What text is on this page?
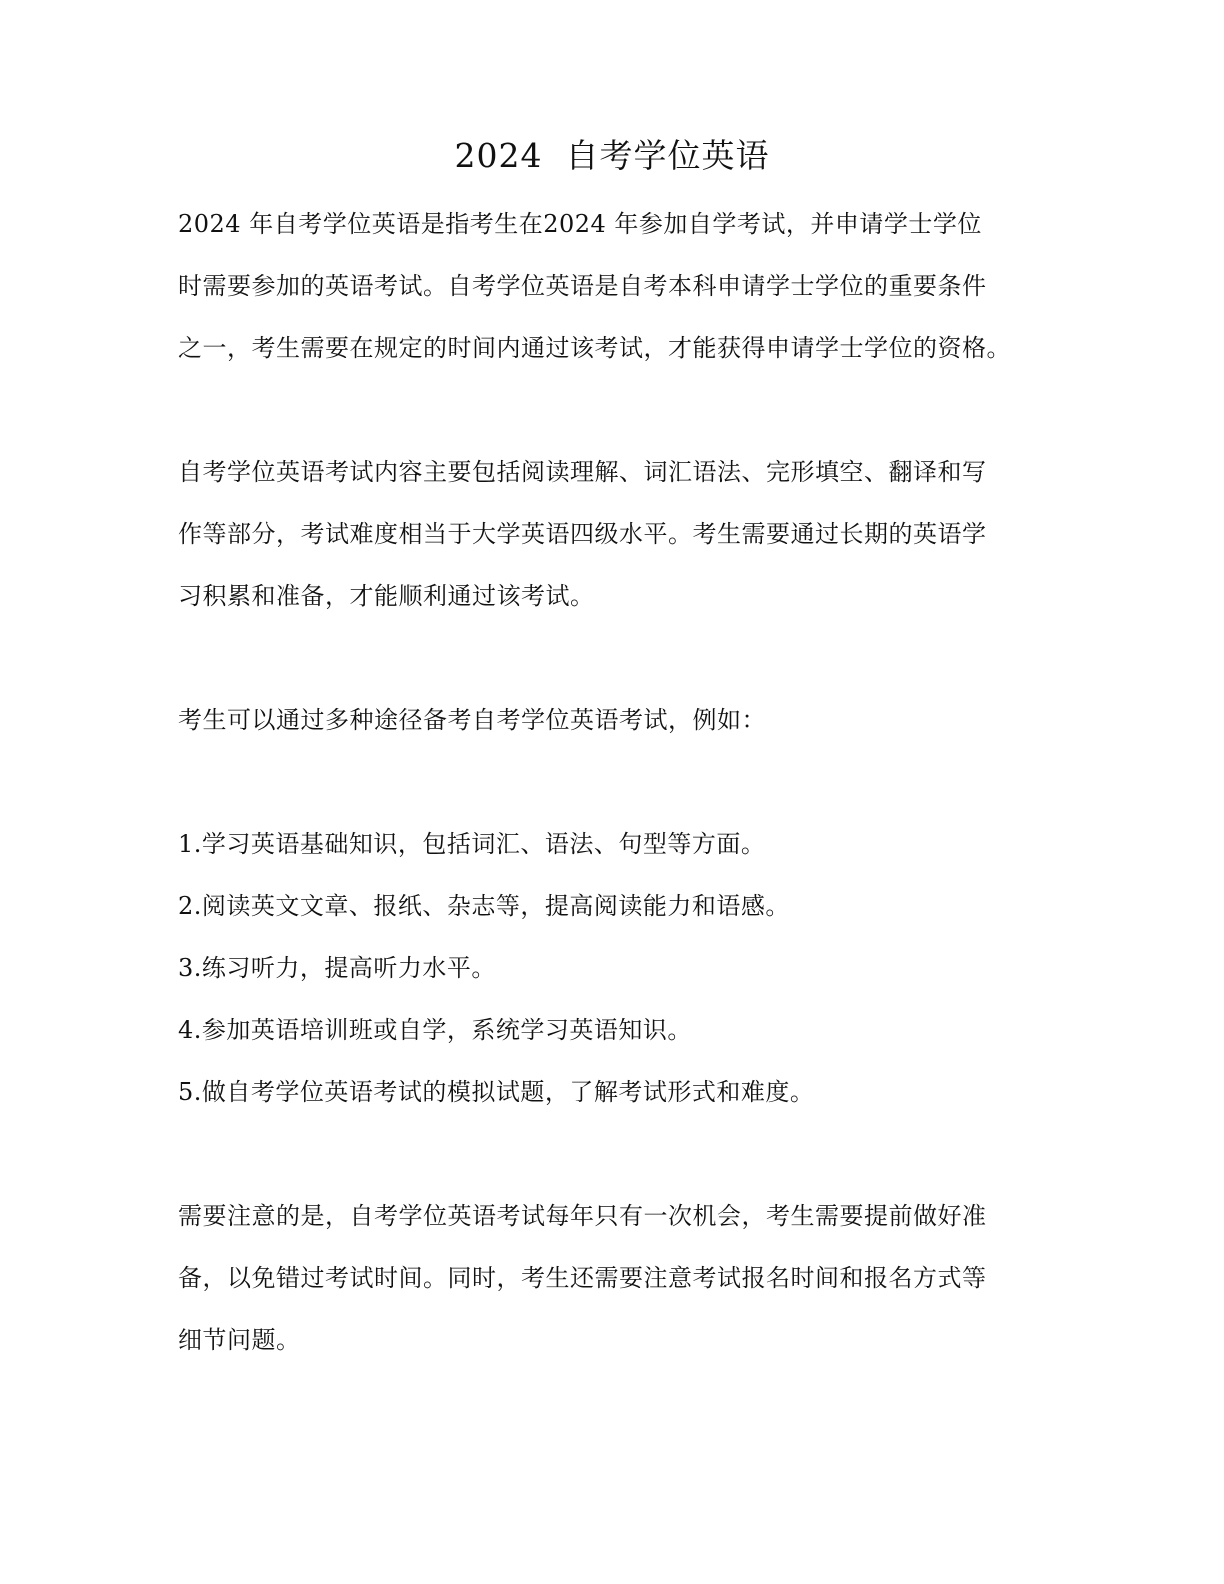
2024  自考学位英语
2024 年自考学位英语是指考生在2024 年参加自学考试，并申请学士学位
时需要参加的英语考试。自考学位英语是自考本科申请学士学位的重要条件
之一，考生需要在规定的时间内通过该考试，才能获得申请学士学位的资格。
自考学位英语考试内容主要包括阅读理解、词汇语法、完形填空、翻译和写
作等部分，考试难度相当于大学英语四级水平。考生需要通过长期的英语学
习积累和准备，才能顺利通过该考试。
考生可以通过多种途径备考自考学位英语考试，例如：
1.学习英语基础知识，包括词汇、语法、句型等方面。
2.阅读英文文章、报纸、杂志等，提高阅读能力和语感。
3.练习听力，提高听力水平。
4.参加英语培训班或自学，系统学习英语知识。
5.做自考学位英语考试的模拟试题，了解考试形式和难度。
需要注意的是，自考学位英语考试每年只有一次机会，考生需要提前做好准
备，以免错过考试时间。同时，考生还需要注意考试报名时间和报名方式等
细节问题。
